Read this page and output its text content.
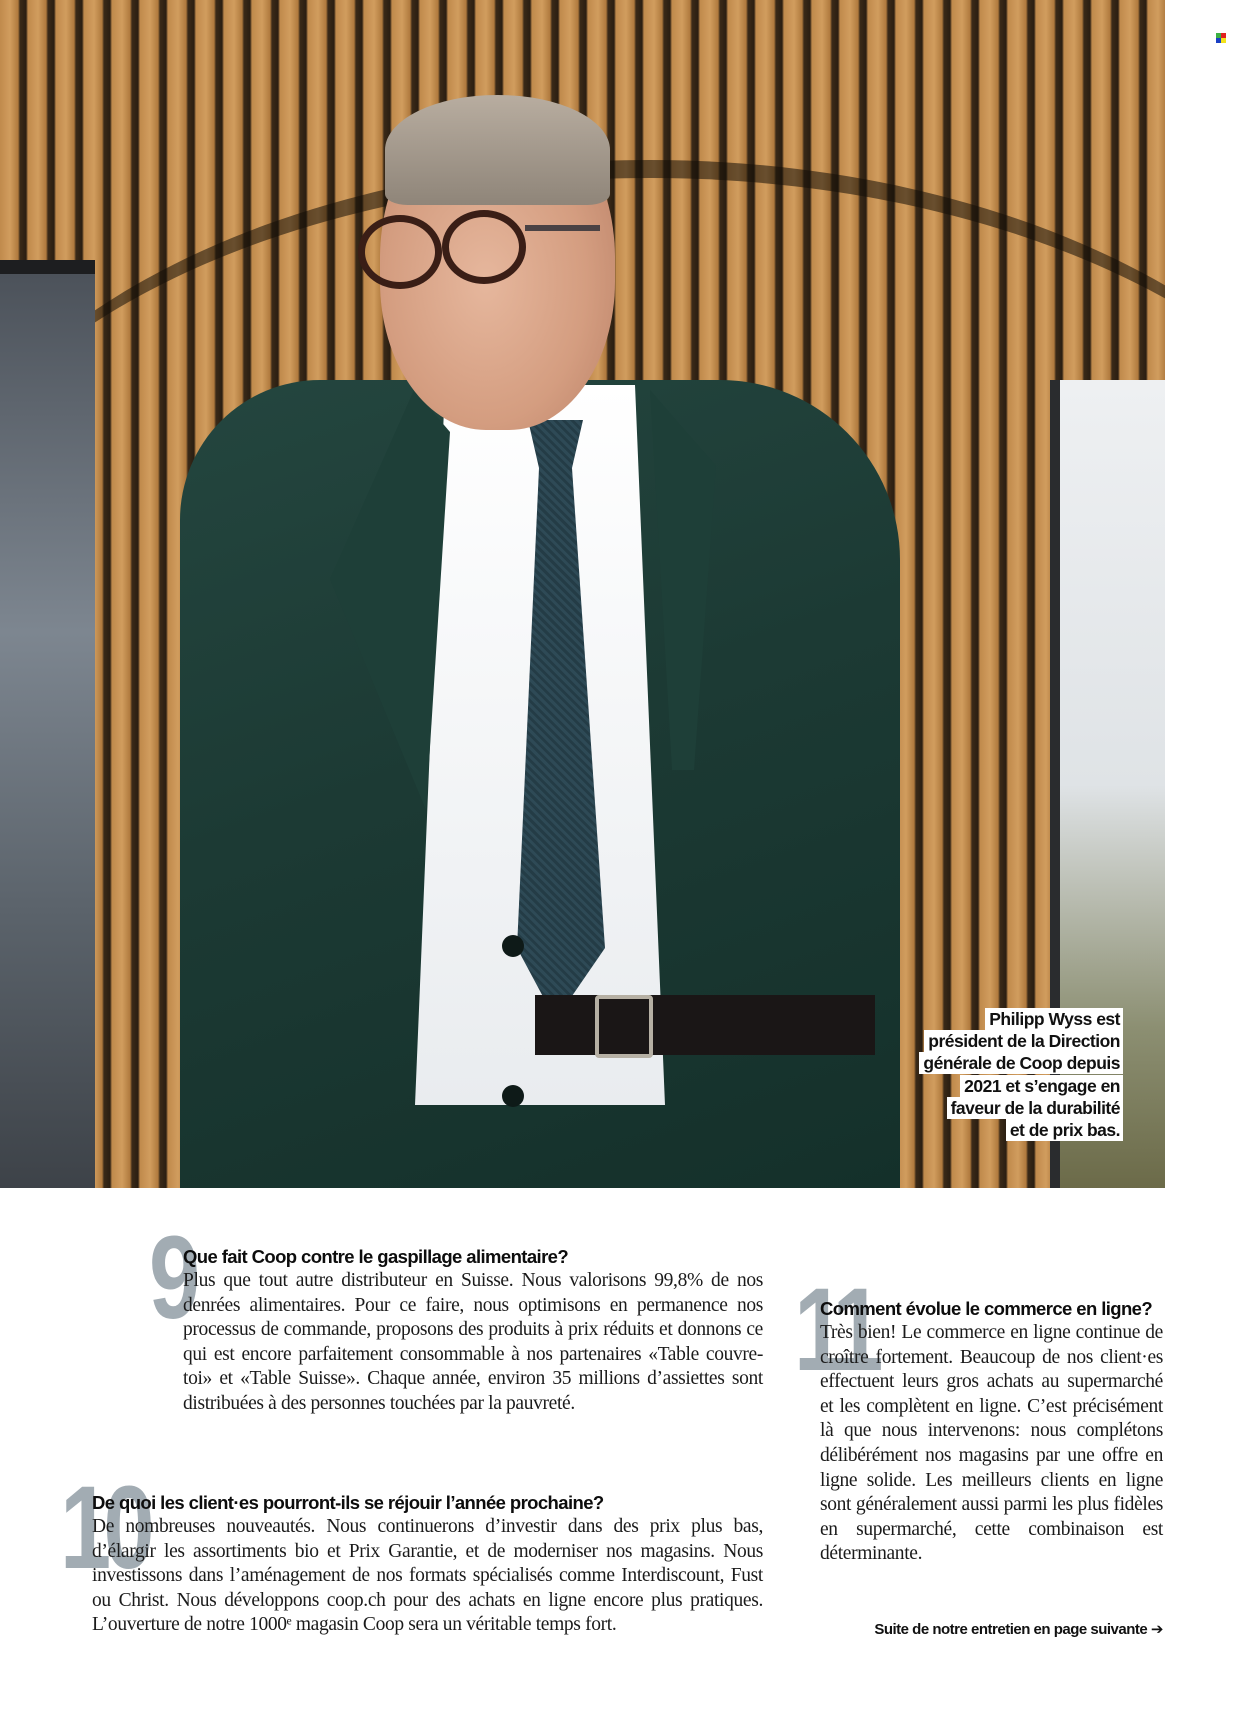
Philipp Wyss est
président de la Direction
générale de Coop depuis
2021 et s’engage en
faveur de la durabilité
et de prix bas.
9
Que fait Coop contre le gaspillage alimentaire?

Plus que tout autre distributeur en Suisse. Nous valorisons 99,8% de nos denrées alimentaires. Pour ce faire, nous optimisons en permanence nos processus de commande, proposons des produits à prix réduits et donnons ce qui est encore parfaitement consommable à nos partenaires «Table couvre-toi» et «Table Suisse». Chaque année, environ 35 millions d’assiettes sont distribuées à des personnes touchées par la pauvreté.

10
De quoi les client·es pourront-ils se réjouir l’année prochaine?

De nombreuses nouveautés. Nous continuerons d’investir dans des prix plus bas, d’élargir les assortiments bio et Prix Garantie, et de moderniser nos magasins. Nous investissons dans l’aménagement de nos formats spécialisés comme Interdiscount, Fust ou Christ. Nous développons coop.ch pour des achats en ligne encore plus pratiques. L’ouverture de notre 1000ᵉ magasin Coop sera un véritable temps fort.

11
Comment évolue le commerce en ligne?

Très bien! Le commerce en ligne continue de croître fortement. Beaucoup de nos client·es effectuent leurs gros achats au supermarché et les complètent en ligne. C’est précisément là que nous intervenons: nous complétons délibérément nos magasins par une offre en ligne solide. Les meilleurs clients en ligne sont généralement aussi parmi les plus fidèles en supermarché, cette combinaison est déterminante.

Suite de notre entretien en page suivante ➔
